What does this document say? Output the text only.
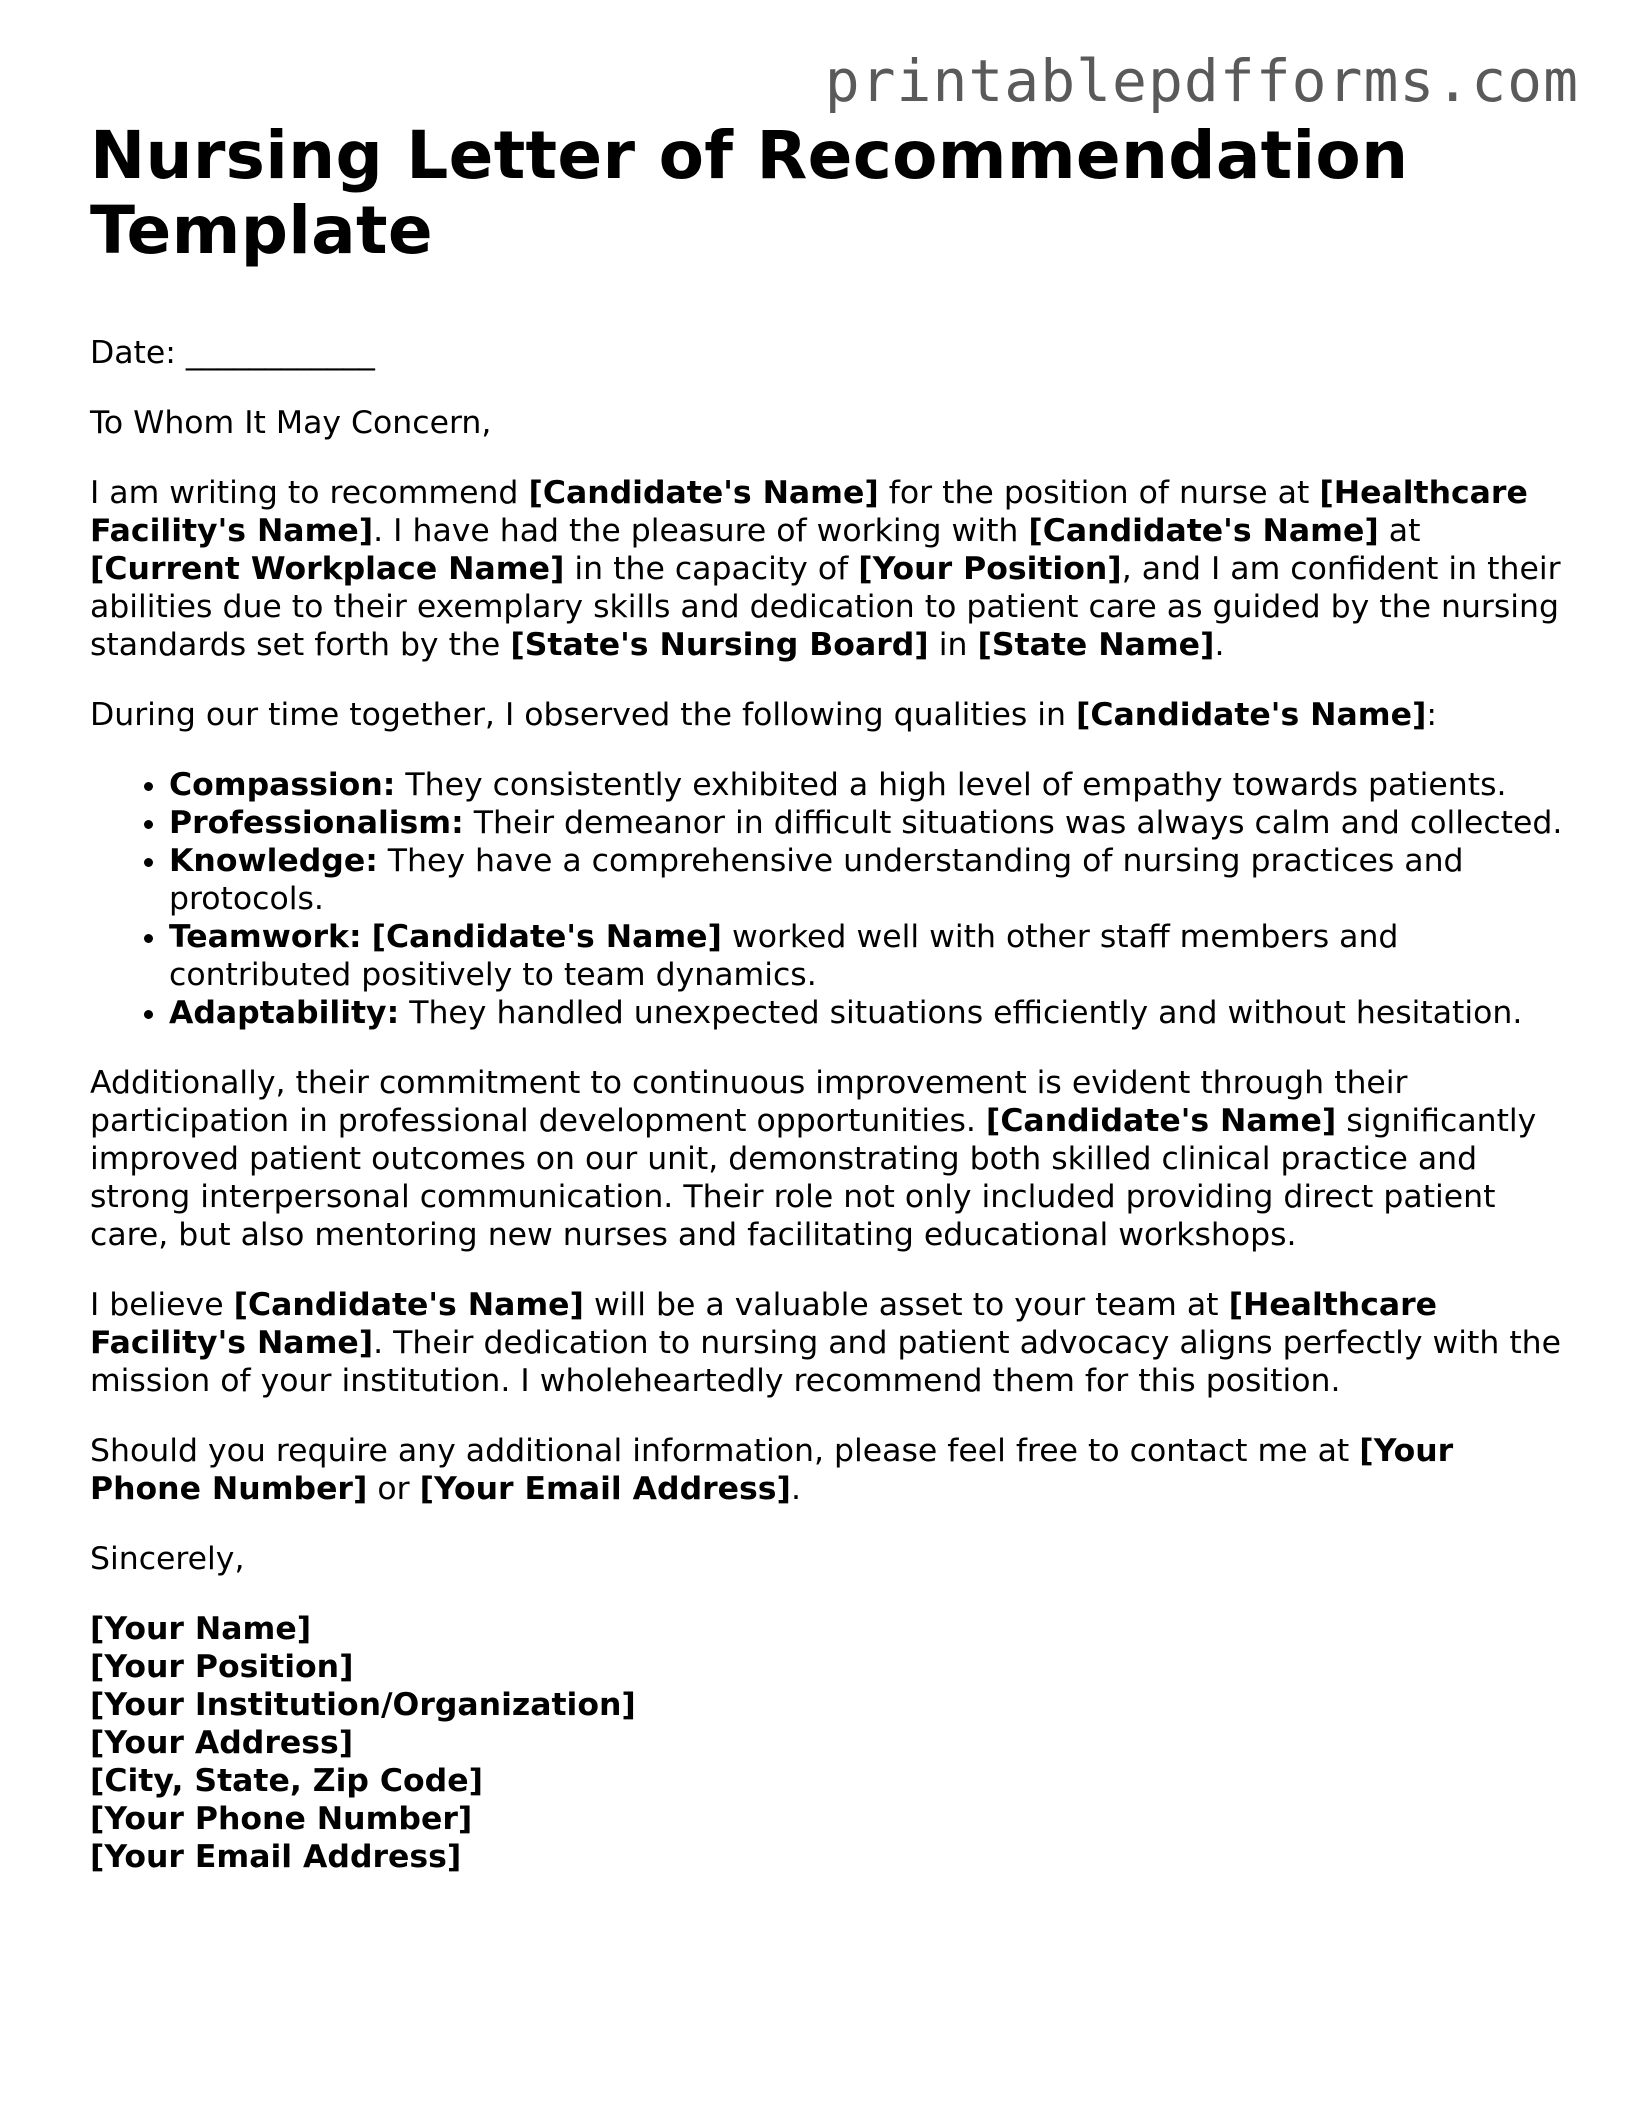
printablepdfforms.com
Nursing Letter of Recommendation Template

Date: ____________

To Whom It May Concern,

I am writing to recommend [Candidate's Name] for the position of nurse at [Healthcare Facility's Name]. I have had the pleasure of working with [Candidate's Name] at [Current Workplace Name] in the capacity of [Your Position], and I am confident in their abilities due to their exemplary skills and dedication to patient care as guided by the nursing standards set forth by the [State's Nursing Board] in [State Name].

During our time together, I observed the following qualities in [Candidate's Name]:

• Compassion: They consistently exhibited a high level of empathy towards patients.
• Professionalism: Their demeanor in difficult situations was always calm and collected.
• Knowledge: They have a comprehensive understanding of nursing practices and protocols.
• Teamwork: [Candidate's Name] worked well with other staff members and contributed positively to team dynamics.
• Adaptability: They handled unexpected situations efficiently and without hesitation.

Additionally, their commitment to continuous improvement is evident through their participation in professional development opportunities. [Candidate's Name] significantly improved patient outcomes on our unit, demonstrating both skilled clinical practice and strong interpersonal communication. Their role not only included providing direct patient care, but also mentoring new nurses and facilitating educational workshops.

I believe [Candidate's Name] will be a valuable asset to your team at [Healthcare Facility's Name]. Their dedication to nursing and patient advocacy aligns perfectly with the mission of your institution. I wholeheartedly recommend them for this position.

Should you require any additional information, please feel free to contact me at [Your Phone Number] or [Your Email Address].

Sincerely,

[Your Name]
[Your Position]
[Your Institution/Organization]
[Your Address]
[City, State, Zip Code]
[Your Phone Number]
[Your Email Address]
